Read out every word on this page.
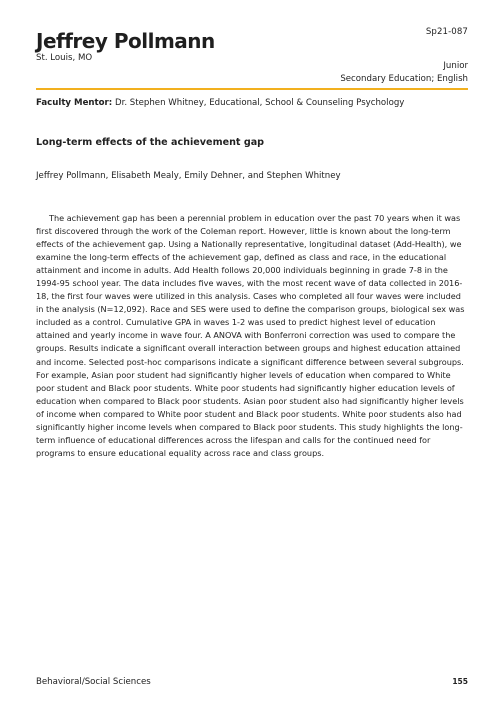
Sp21-087
Jeffrey Pollmann
St. Louis, MO
Junior
Secondary Education; English
Faculty Mentor: Dr. Stephen Whitney, Educational, School & Counseling Psychology
Long-term effects of the achievement gap
Jeffrey Pollmann, Elisabeth Mealy, Emily Dehner, and Stephen Whitney

The achievement gap has been a perennial problem in education over the past 70 years when it was first discovered through the work of the Coleman report. However, little is known about the long-term effects of the achievement gap. Using a Nationally representative, longitudinal dataset (Add-Health), we examine the long-term effects of the achievement gap, defined as class and race, in the educational attainment and income in adults. Add Health follows 20,000 individuals beginning in grade 7-8 in the 1994-95 school year. The data includes five waves, with the most recent wave of data collected in 2016-18, the first four waves were utilized in this analysis. Cases who completed all four waves were included in the analysis (N=12,092). Race and SES were used to define the comparison groups, biological sex was included as a control. Cumulative GPA in waves 1-2 was used to predict highest level of education attained and yearly income in wave four. A ANOVA with Bonferroni correction was used to compare the groups. Results indicate a significant overall interaction between groups and highest education attained and income. Selected post-hoc comparisons indicate a significant difference between several subgroups. For example, Asian poor student had significantly higher levels of education when compared to White poor student and Black poor students. White poor students had significantly higher education levels of education when compared to Black poor students. Asian poor student also had significantly higher levels of income when compared to White poor student and Black poor students. White poor students also had significantly higher income levels when compared to Black poor students. This study highlights the long-term influence of educational differences across the lifespan and calls for the continued need for programs to ensure educational equality across race and class groups.

Behavioral/Social Sciences	155
